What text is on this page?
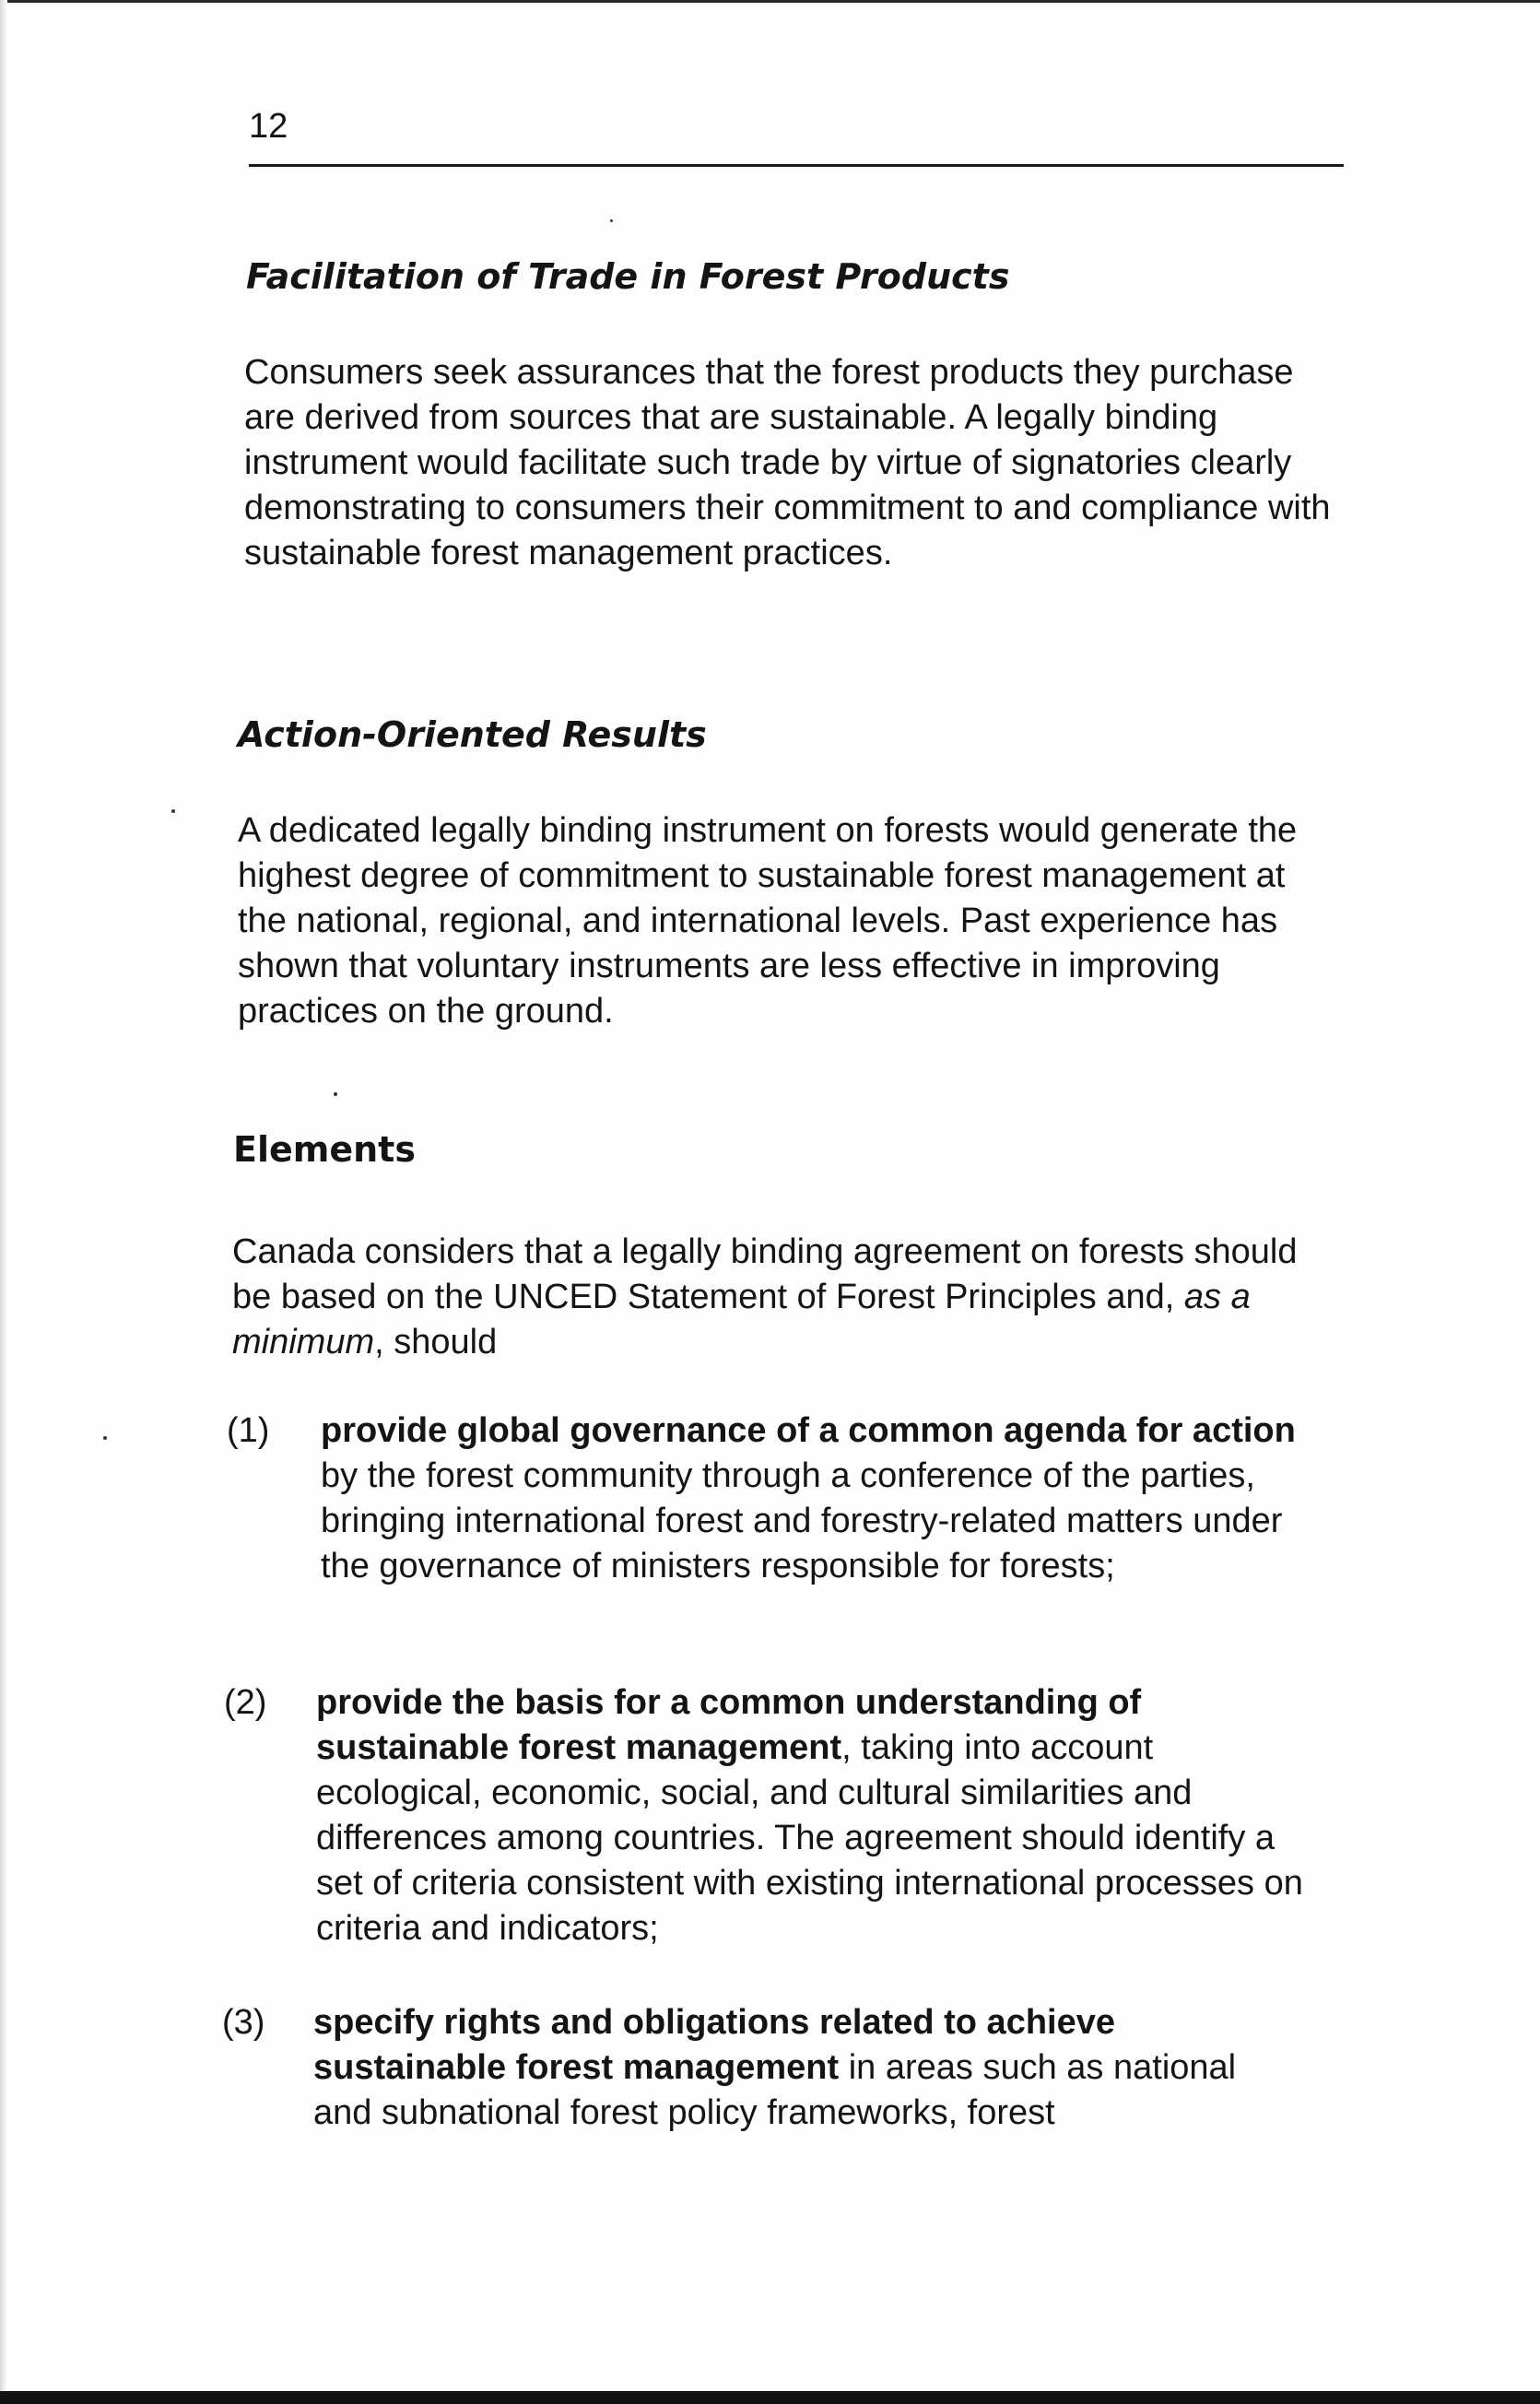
12
Facilitation of Trade in Forest Products

Consumers seek assurances that the forest products they purchase are derived from sources that are sustainable. A legally binding instrument would facilitate such trade by virtue of signatories clearly demonstrating to consumers their commitment to and compliance with sustainable forest management practices.

Action-Oriented Results

A dedicated legally binding instrument on forests would generate the highest degree of commitment to sustainable forest management at the national, regional, and international levels. Past experience has shown that voluntary instruments are less effective in improving practices on the ground.

Elements

Canada considers that a legally binding agreement on forests should be based on the UNCED Statement of Forest Principles and, as a minimum, should

(1) provide global governance of a common agenda for action by the forest community through a conference of the parties, bringing international forest and forestry-related matters under the governance of ministers responsible for forests;
(2) provide the basis for a common understanding of sustainable forest management, taking into account ecological, economic, social, and cultural similarities and differences among countries. The agreement should identify a set of criteria consistent with existing international processes on criteria and indicators;
(3) specify rights and obligations related to achieve sustainable forest management in areas such as national and subnational forest policy frameworks, forest
